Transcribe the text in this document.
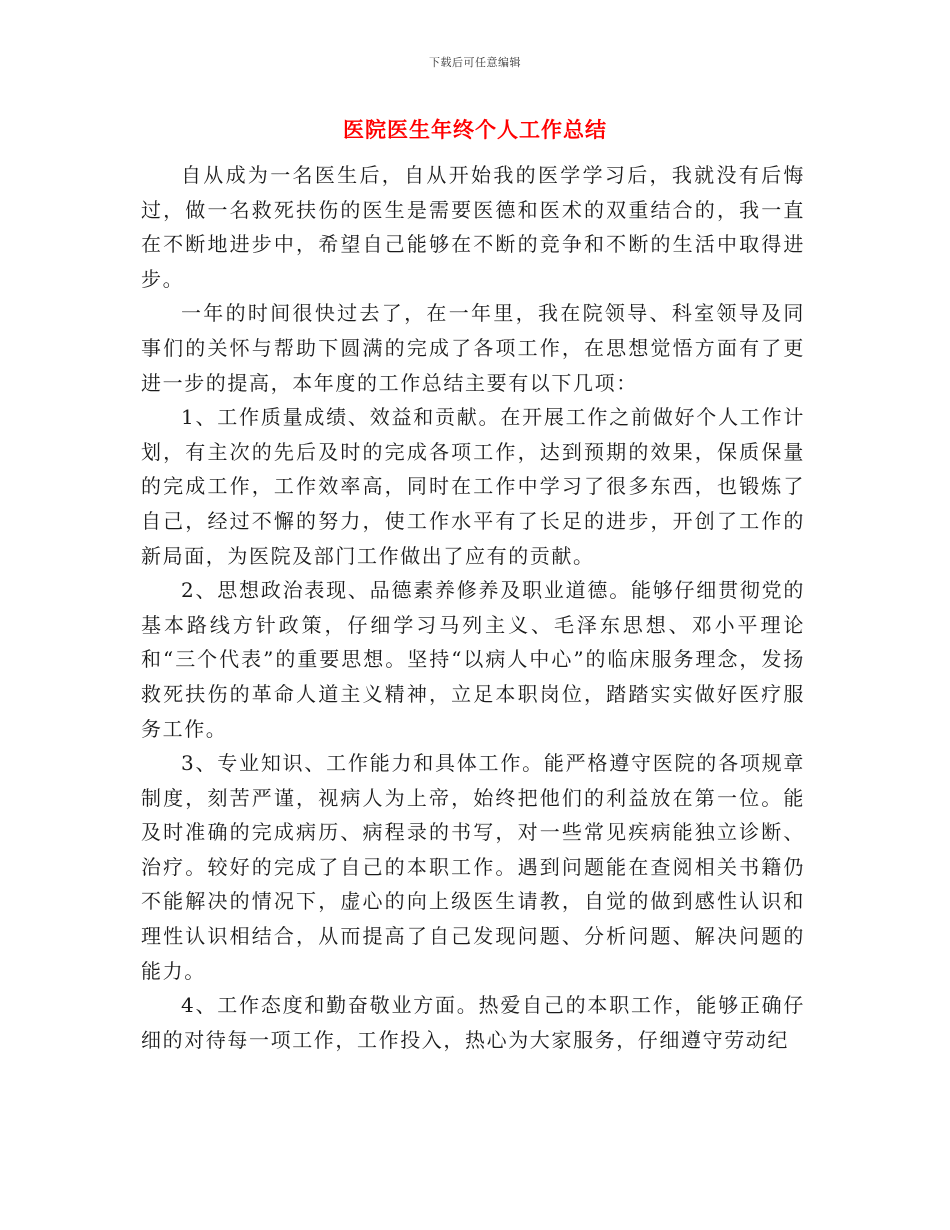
下载后可任意编辑
医院医生年终个人工作总结

自从成为一名医生后，自从开始我的医学学习后，我就没有后悔过，做一名救死扶伤的医生是需要医德和医术的双重结合的，我一直在不断地进步中，希望自己能够在不断的竞争和不断的生活中取得进步。

一年的时间很快过去了，在一年里，我在院领导、科室领导及同事们的关怀与帮助下圆满的完成了各项工作，在思想觉悟方面有了更进一步的提高，本年度的工作总结主要有以下几项：

1、工作质量成绩、效益和贡献。在开展工作之前做好个人工作计划，有主次的先后及时的完成各项工作，达到预期的效果，保质保量的完成工作，工作效率高，同时在工作中学习了很多东西，也锻炼了自己，经过不懈的努力，使工作水平有了长足的进步，开创了工作的新局面，为医院及部门工作做出了应有的贡献。

2、思想政治表现、品德素养修养及职业道德。能够仔细贯彻党的基本路线方针政策，仔细学习马列主义、毛泽东思想、邓小平理论和“三个代表”的重要思想。坚持“以病人中心”的临床服务理念，发扬救死扶伤的革命人道主义精神，立足本职岗位，踏踏实实做好医疗服务工作。

3、专业知识、工作能力和具体工作。能严格遵守医院的各项规章制度，刻苦严谨，视病人为上帝，始终把他们的利益放在第一位。能及时准确的完成病历、病程录的书写，对一些常见疾病能独立诊断、治疗。较好的完成了自己的本职工作。遇到问题能在查阅相关书籍仍不能解决的情况下，虚心的向上级医生请教，自觉的做到感性认识和理性认识相结合，从而提高了自己发现问题、分析问题、解决问题的能力。

4、工作态度和勤奋敬业方面。热爱自己的本职工作，能够正确仔细的对待每一项工作，工作投入，热心为大家服务，仔细遵守劳动纪
